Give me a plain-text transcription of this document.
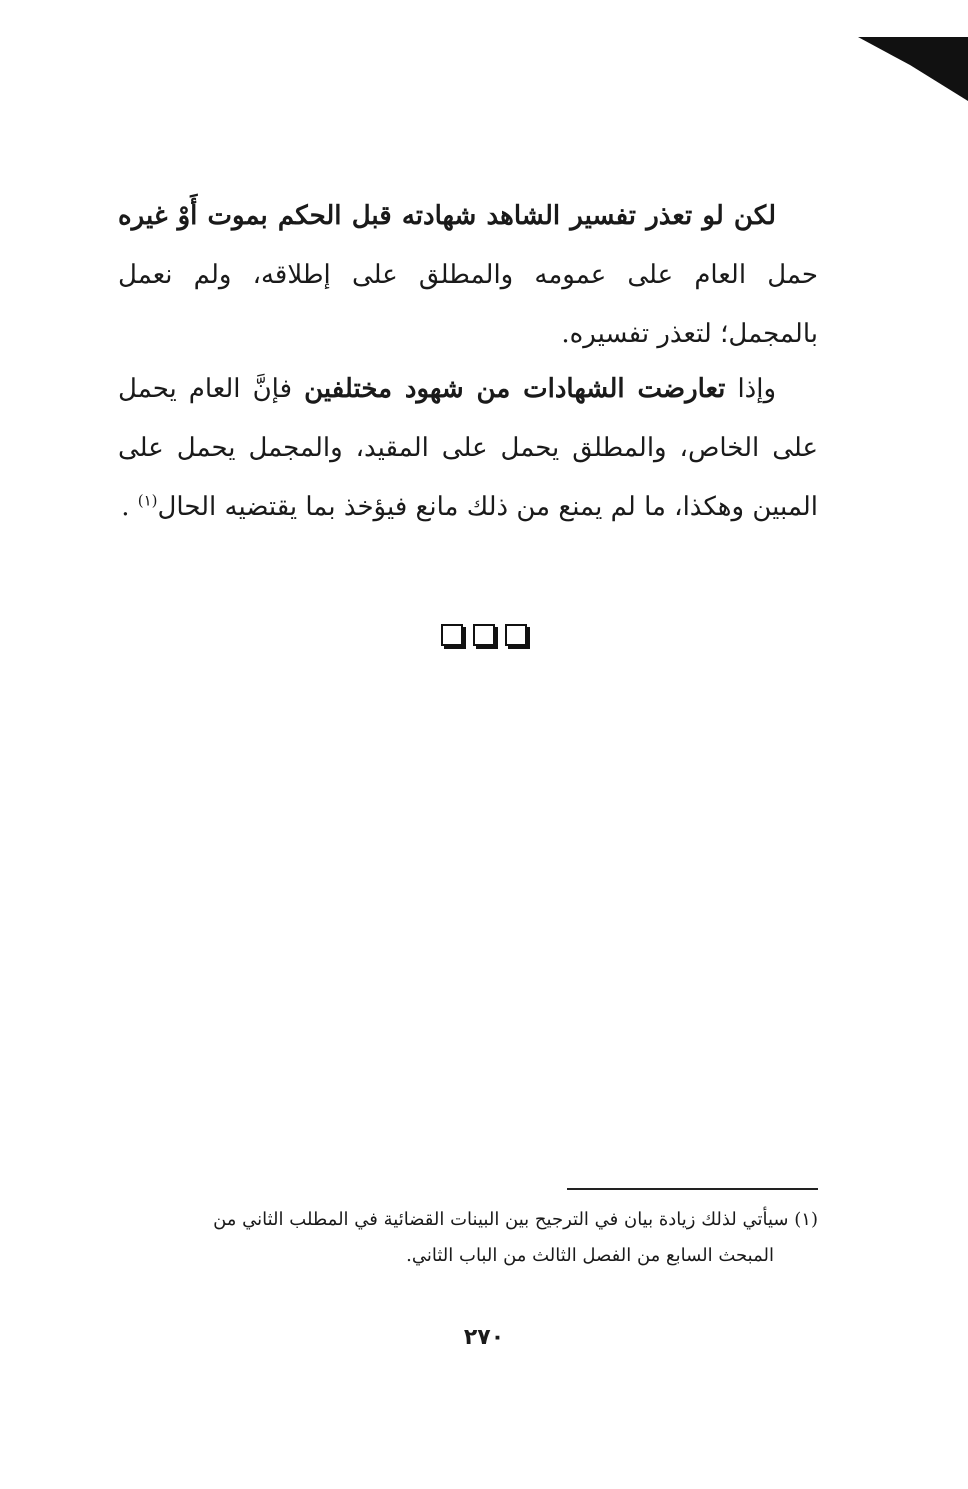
لكن لو تعذر تفسير الشاهد شهادته قبل الحكم بموت أَوْ غيره حمل العام على عمومه والمطلق على إطلاقه، ولم نعمل بالمجمل؛ لتعذر تفسيره.
وإذا تعارضت الشهادات من شهود مختلفين فإنَّ العام يحمل على الخاص، والمطلق يحمل على المقيد، والمجمل يحمل على المبين وهكذا، ما لم يمنع من ذلك مانع فيؤخذ بما يقتضيه الحال$^{(١)}$ .
(١) سيأتي لذلك زيادة بيان في الترجيح بين البينات القضائية في المطلب الثاني من
المبحث السابع من الفصل الثالث من الباب الثاني.
٢٧٠
